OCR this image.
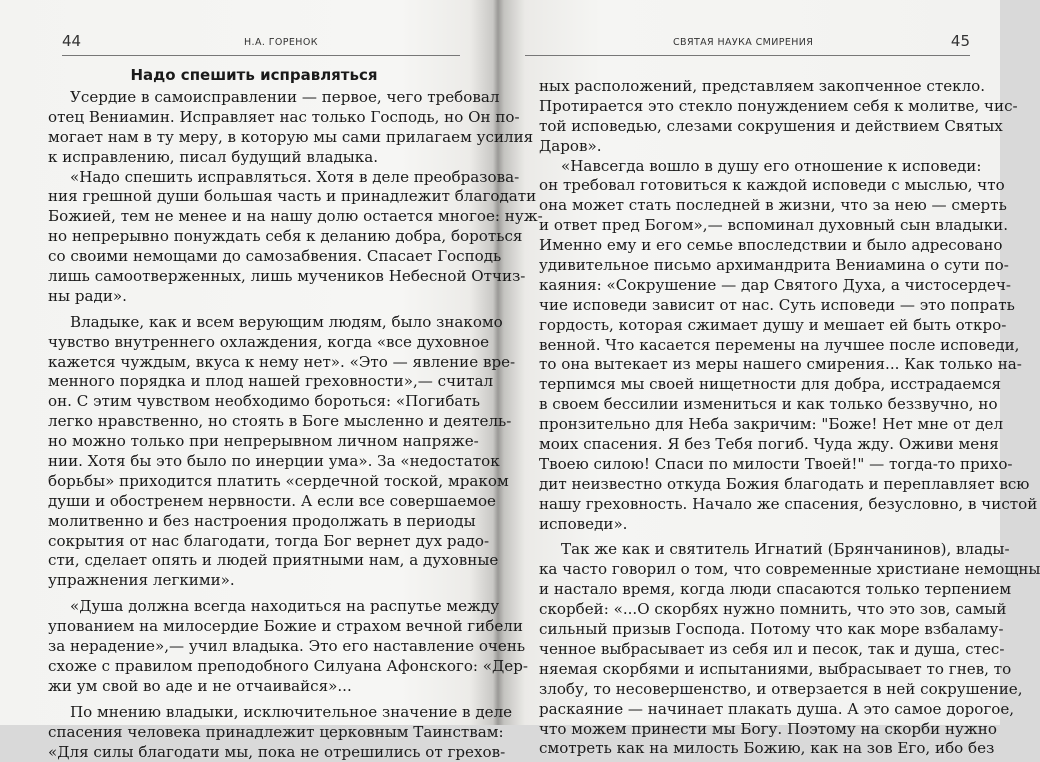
44	Н.А. ГОРЕНОК
Надо спешить исправляться
Усердие в самоисправлении — первое, чего требовал
отец Вениамин. Исправляет нас только Господь, но Он по-
могает нам в ту меру, в которую мы сами прилагаем усилия
к исправлению, писал будущий владыка.
«Надо спешить исправляться. Хотя в деле преобразова-
ния грешной души большая часть и принадлежит благодати
Божией, тем не менее и на нашу долю остается многое: нуж-
но непрерывно понуждать себя к деланию добра, бороться
со своими немощами до самозабвения. Спасает Господь
лишь самоотверженных, лишь мучеников Небесной Отчиз-
ны ради».
Владыке, как и всем верующим людям, было знакомо
чувство внутреннего охлаждения, когда «все духовное
кажется чуждым, вкуса к нему нет». «Это — явление вре-
менного порядка и плод нашей греховности»,— считал
он. С этим чувством необходимо бороться: «Погибать
легко нравственно, но стоять в Боге мысленно и деятель-
но можно только при непрерывном личном напряже-
нии. Хотя бы это было по инерции ума». За «недостаток
борьбы» приходится платить «сердечной тоской, мраком
души и обостренем нервности. А если все совершаемое
молитвенно и без настроения продолжать в периоды
сокрытия от нас благодати, тогда Бог вернет дух радо-
сти, сделает опять и людей приятными нам, а духовные
упражнения легкими».
«Душа должна всегда находиться на распутье между
упованием на милосердие Божие и страхом вечной гибели
за нерадение»,— учил владыка. Это его наставление очень
схоже с правилом преподобного Силуана Афонского: «Дер-
жи ум свой во аде и не отчаивайся»...
По мнению владыки, исключительное значение в деле
спасения человека принадлежит церковным Таинствам:
«Для силы благодати мы, пока не отрешились от грехов-
СВЯТАЯ НАУКА СМИРЕНИЯ	45
ных расположений, представляем закопченное стекло.
Протирается это стекло понуждением себя к молитве, чис-
той исповедью, слезами сокрушения и действием Святых
Даров».
«Навсегда вошло в душу его отношение к исповеди:
он требовал готовиться к каждой исповеди с мыслью, что
она может стать последней в жизни, что за нею — смерть
и ответ пред Богом»,— вспоминал духовный сын владыки.
Именно ему и его семье впоследствии и было адресовано
удивительное письмо архимандрита Вениамина о сути по-
каяния: «Сокрушение — дар Святого Духа, а чистосердеч-
чие исповеди зависит от нас. Суть исповеди — это попрать
гордость, которая сжимает душу и мешает ей быть откро-
венной. Что касается перемены на лучшее после исповеди,
то она вытекает из меры нашего смирения... Как только на-
терпимся мы своей нищетности для добра, исстрадаемся
в своем бессилии измениться и как только беззвучно, но
пронзительно для Неба закричим: "Боже! Нет мне от дел
моих спасения. Я без Тебя погиб. Чуда жду. Оживи меня
Твоею силою! Спаси по милости Твоей!" — тогда-то прихо-
дит неизвестно откуда Божия благодать и переплавляет всю
нашу греховность. Начало же спасения, безусловно, в чистой
исповеди».
Так же как и святитель Игнатий (Брянчанинов), влады-
ка часто говорил о том, что современные христиане немощны
и настало время, когда люди спасаются только терпением
скорбей: «...О скорбях нужно помнить, что это зов, самый
сильный призыв Господа. Потому что как море взбаламу-
ченное выбрасывает из себя ил и песок, так и душа, стес-
няемая скорбями и испытаниями, выбрасывает то гнев, то
злобу, то несовершенство, и отверзается в ней сокрушение,
раскаяние — начинает плакать душа. А это самое дорогое,
что можем принести мы Богу. Поэтому на скорби нужно
смотреть как на милость Божию, как на зов Его, ибо без
